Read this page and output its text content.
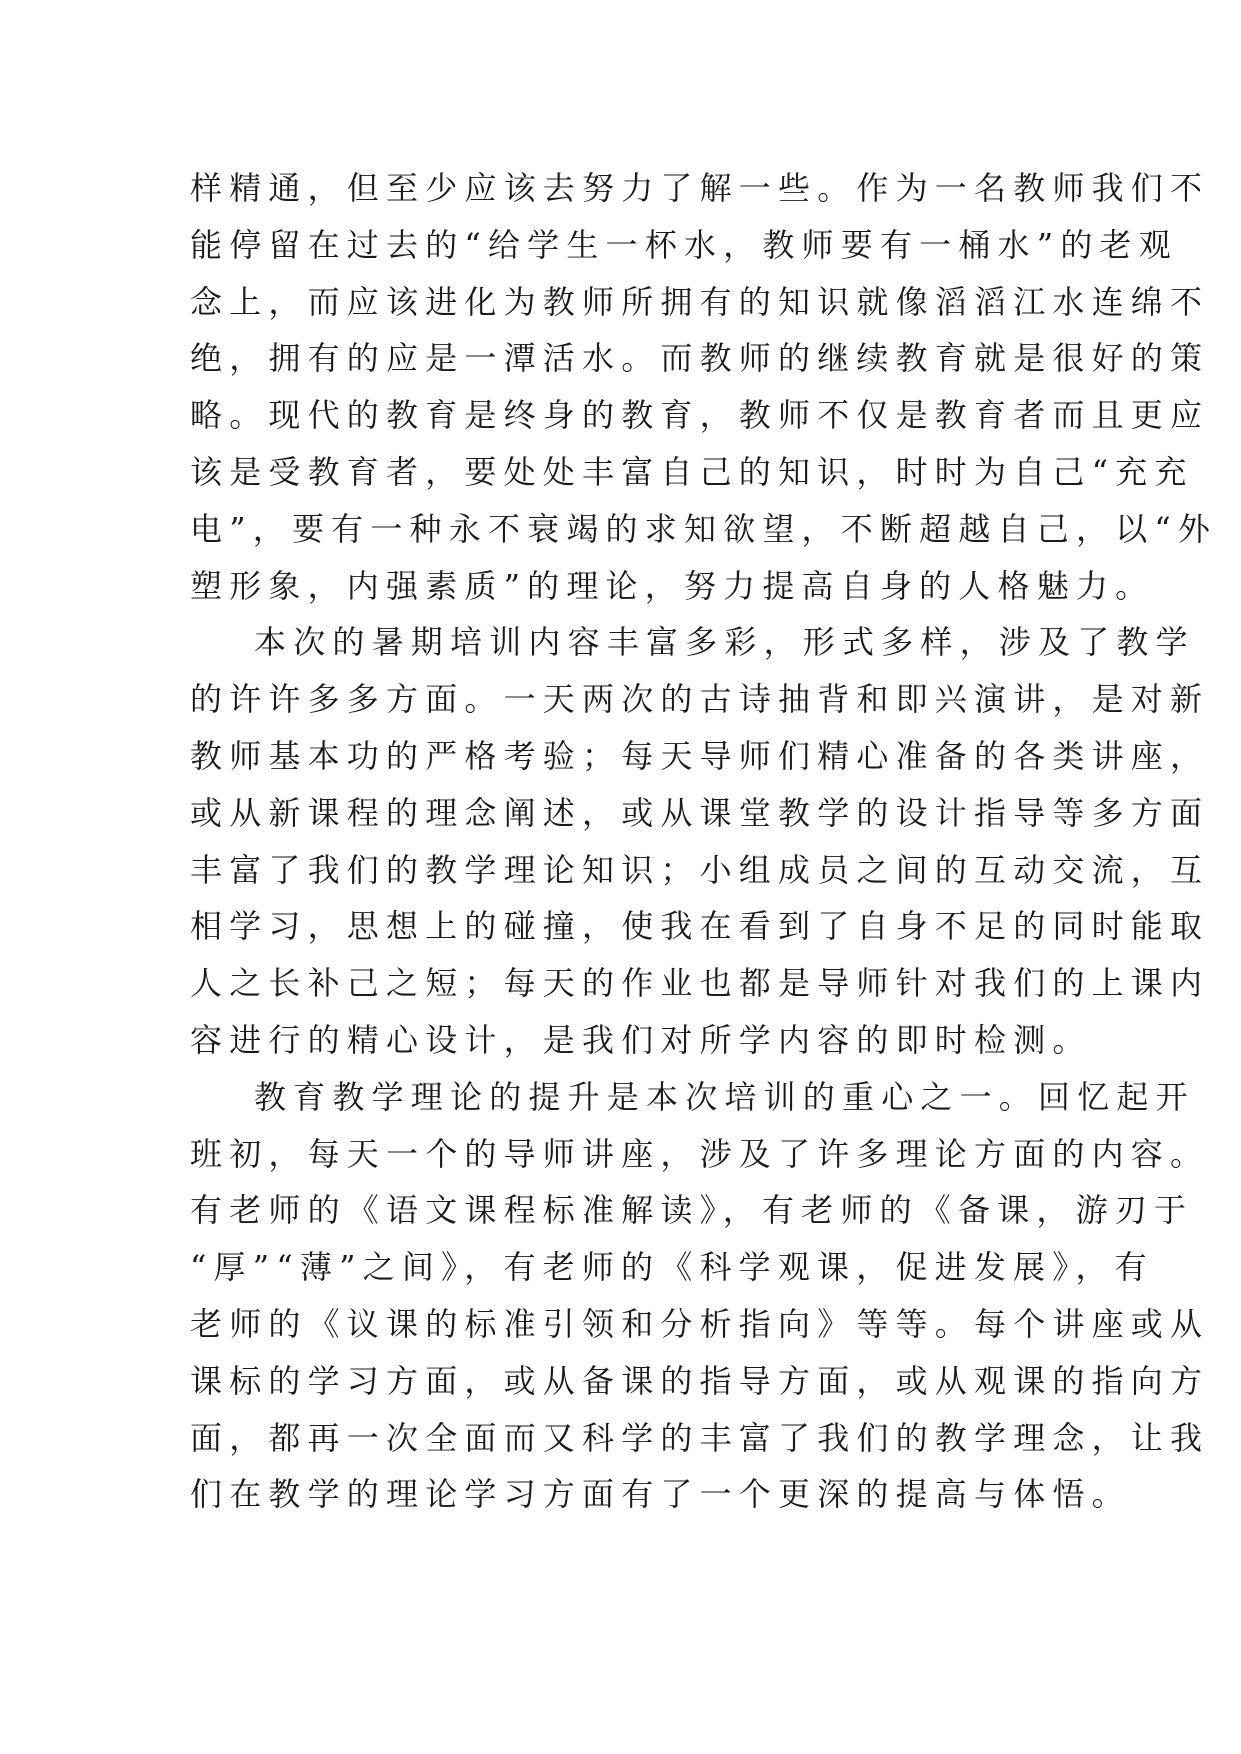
样精通，但至少应该去努力了解一些。作为一名教师我们不
能停留在过去的“给学生一杯水，教师要有一桶水”的老观
念上，而应该进化为教师所拥有的知识就像滔滔江水连绵不
绝，拥有的应是一潭活水。而教师的继续教育就是很好的策
略。现代的教育是终身的教育，教师不仅是教育者而且更应
该是受教育者，要处处丰富自己的知识，时时为自己“充充
电”，要有一种永不衰竭的求知欲望，不断超越自己，以“外
塑形象，内强素质”的理论，努力提高自身的人格魅力。
本次的暑期培训内容丰富多彩，形式多样，涉及了教学
的许许多多方面。一天两次的古诗抽背和即兴演讲，是对新
教师基本功的严格考验；每天导师们精心准备的各类讲座，
或从新课程的理念阐述，或从课堂教学的设计指导等多方面
丰富了我们的教学理论知识；小组成员之间的互动交流，互
相学习，思想上的碰撞，使我在看到了自身不足的同时能取
人之长补己之短；每天的作业也都是导师针对我们的上课内
容进行的精心设计，是我们对所学内容的即时检测。
教育教学理论的提升是本次培训的重心之一。回忆起开
班初，每天一个的导师讲座，涉及了许多理论方面的内容。
有老师的《语文课程标准解读》，有老师的《备课，游刃于
“厚”“薄”之间》，有老师的《科学观课，促进发展》，有
老师的《议课的标准引领和分析指向》等等。每个讲座或从
课标的学习方面，或从备课的指导方面，或从观课的指向方
面，都再一次全面而又科学的丰富了我们的教学理念，让我
们在教学的理论学习方面有了一个更深的提高与体悟。
